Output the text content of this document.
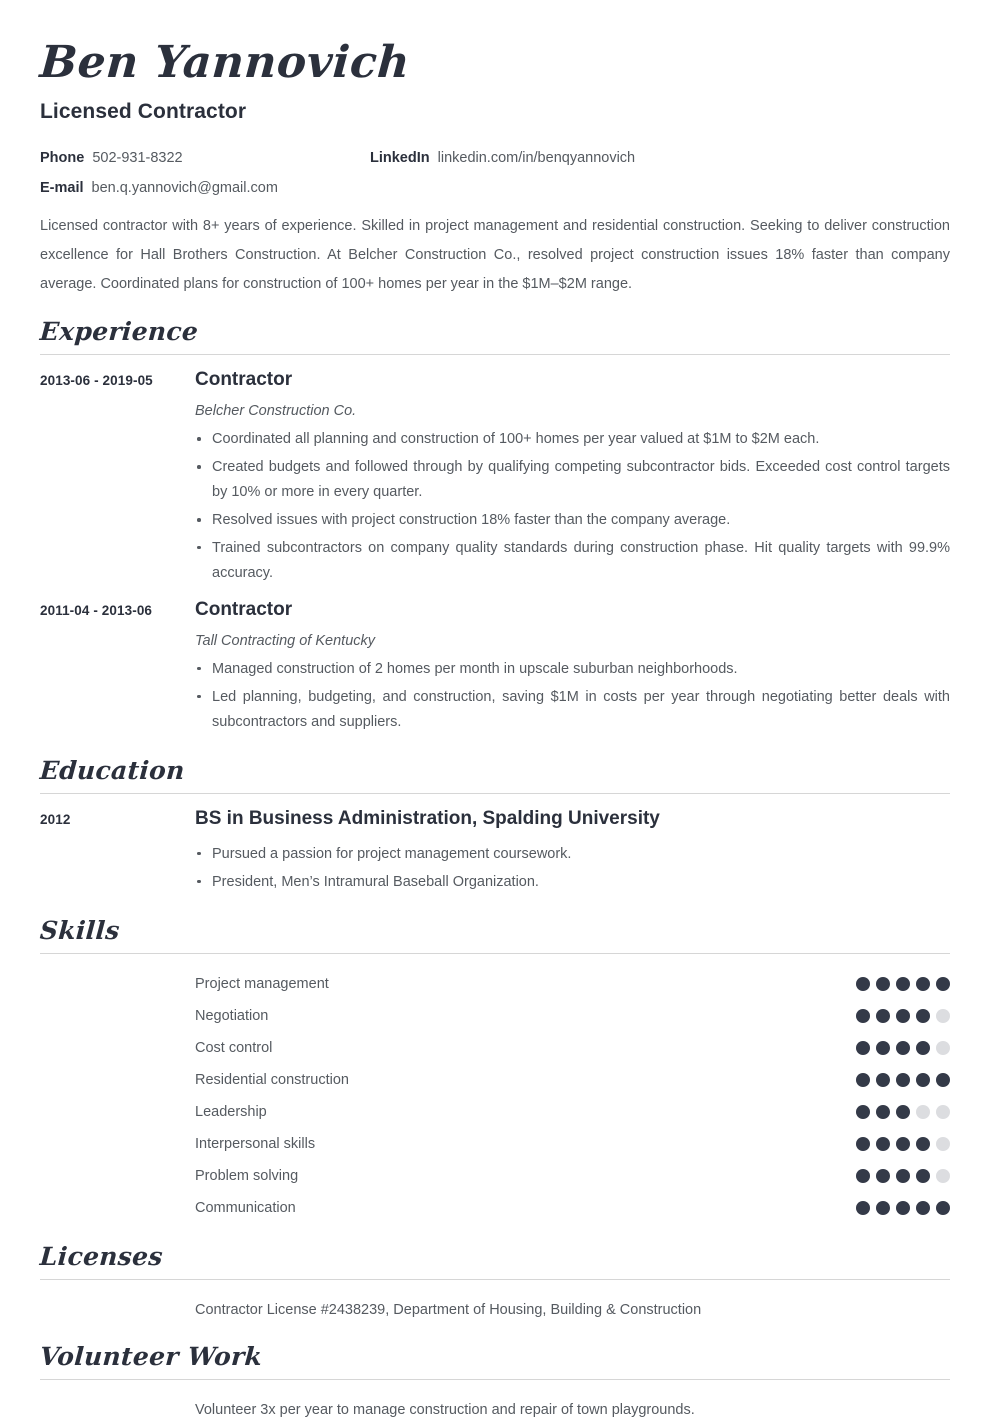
Ben Yannovich
Licensed Contractor
Phone 502-931-8322	LinkedIn linkedin.com/in/benqyannovich
E-mail ben.q.yannovich@gmail.com

Licensed contractor with 8+ years of experience. Skilled in project management and residential construction. Seeking to deliver construction excellence for Hall Brothers Construction. At Belcher Construction Co., resolved project construction issues 18% faster than company average. Coordinated plans for construction of 100+ homes per year in the $1M–$2M range.

Experience
2013-06 - 2019-05	Contractor
Belcher Construction Co.
Coordinated all planning and construction of 100+ homes per year valued at $1M to $2M each.
Created budgets and followed through by qualifying competing subcontractor bids. Exceeded cost control targets by 10% or more in every quarter.
Resolved issues with project construction 18% faster than the company average.
Trained subcontractors on company quality standards during construction phase. Hit quality targets with 99.9% accuracy.
2011-04 - 2013-06	Contractor
Tall Contracting of Kentucky
Managed construction of 2 homes per month in upscale suburban neighborhoods.
Led planning, budgeting, and construction, saving $1M in costs per year through negotiating better deals with subcontractors and suppliers.
Education
2012	BS in Business Administration, Spalding University
Pursued a passion for project management coursework.
President, Men’s Intramural Baseball Organization.
Skills
Project management
Negotiation
Cost control
Residential construction
Leadership
Interpersonal skills
Problem solving
Communication
Licenses
Contractor License #2438239, Department of Housing, Building & Construction
Volunteer Work
Volunteer 3x per year to manage construction and repair of town playgrounds.
